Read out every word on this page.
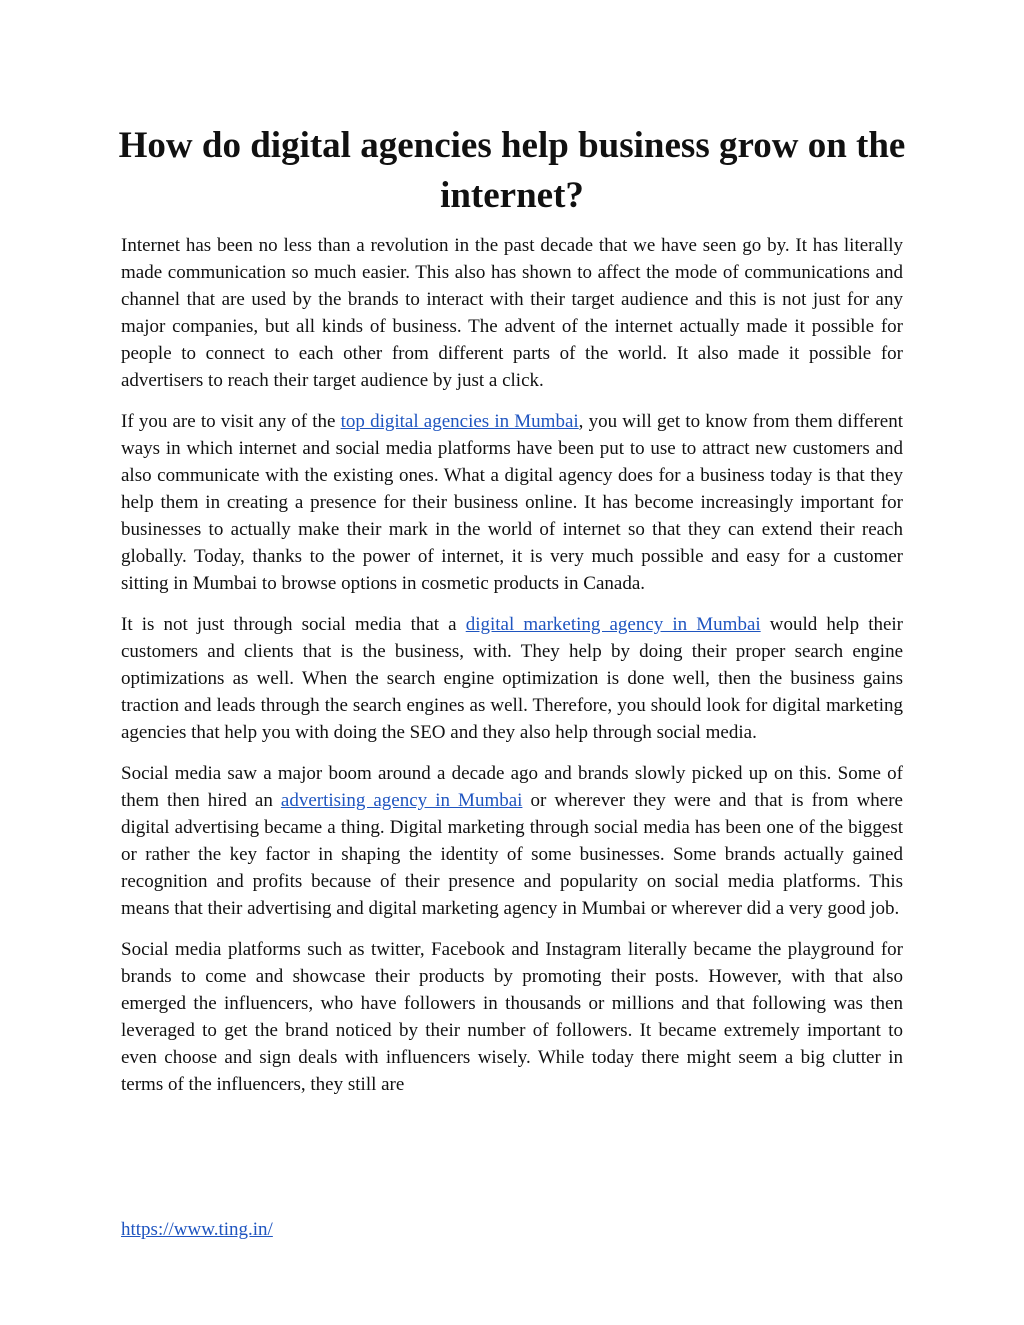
How do digital agencies help business grow on the internet?

Internet has been no less than a revolution in the past decade that we have seen go by. It has literally made communication so much easier. This also has shown to affect the mode of communications and channel that are used by the brands to interact with their target audience and this is not just for any major companies, but all kinds of business. The advent of the internet actually made it possible for people to connect to each other from different parts of the world. It also made it possible for advertisers to reach their target audience by just a click.

If you are to visit any of the top digital agencies in Mumbai, you will get to know from them different ways in which internet and social media platforms have been put to use to attract new customers and also communicate with the existing ones. What a digital agency does for a business today is that they help them in creating a presence for their business online. It has become increasingly important for businesses to actually make their mark in the world of internet so that they can extend their reach globally. Today, thanks to the power of internet, it is very much possible and easy for a customer sitting in Mumbai to browse options in cosmetic products in Canada.

It is not just through social media that a digital marketing agency in Mumbai would help their customers and clients that is the business, with. They help by doing their proper search engine optimizations as well. When the search engine optimization is done well, then the business gains traction and leads through the search engines as well. Therefore, you should look for digital marketing agencies that help you with doing the SEO and they also help through social media.

Social media saw a major boom around a decade ago and brands slowly picked up on this. Some of them then hired an advertising agency in Mumbai or wherever they were and that is from where digital advertising became a thing. Digital marketing through social media has been one of the biggest or rather the key factor in shaping the identity of some businesses. Some brands actually gained recognition and profits because of their presence and popularity on social media platforms. This means that their advertising and digital marketing agency in Mumbai or wherever did a very good job.

Social media platforms such as twitter, Facebook and Instagram literally became the playground for brands to come and showcase their products by promoting their posts. However, with that also emerged the influencers, who have followers in thousands or millions and that following was then leveraged to get the brand noticed by their number of followers. It became extremely important to even choose and sign deals with influencers wisely. While today there might seem a big clutter in terms of the influencers, they still are

https://www.ting.in/
